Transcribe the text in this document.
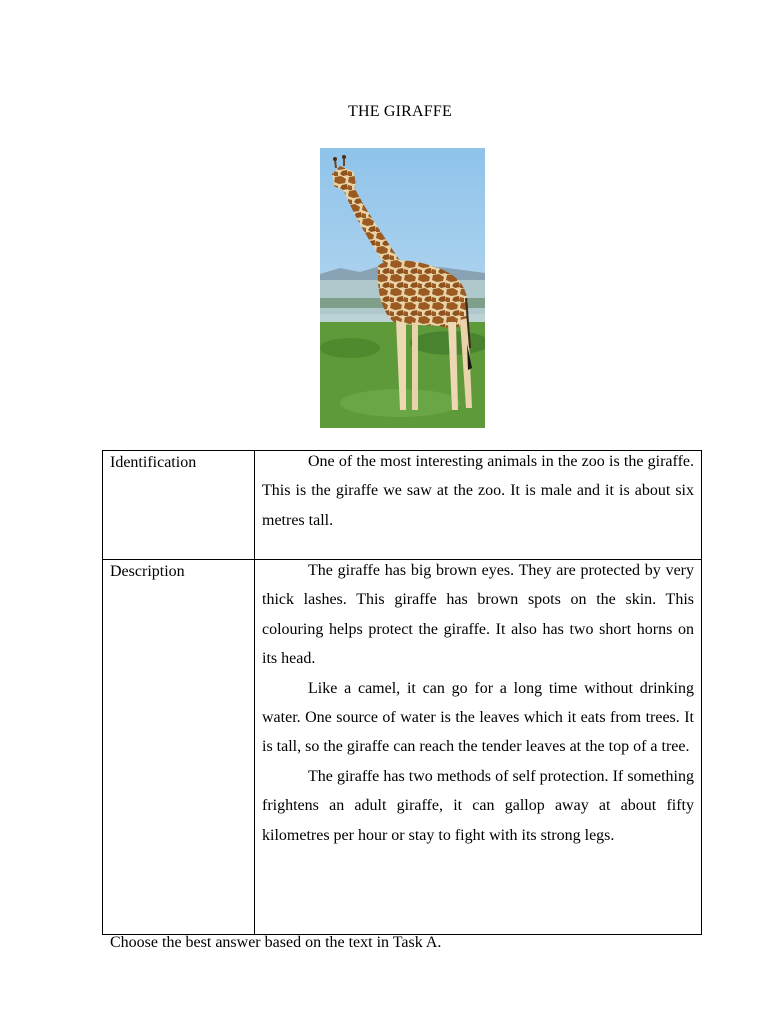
THE GIRAFFE
Identification	One of the most interesting animals in the zoo is the giraffe. This is the giraffe we saw at the zoo. It is male and it is about six metres tall.

Description	The giraffe has big brown eyes. They are protected by very thick lashes. This giraffe has brown spots on the skin. This colouring helps protect the giraffe. It also has two short horns on its head.

Like a camel, it can go for a long time without drinking water. One source of water is the leaves which it eats from trees. It is tall, so the giraffe can reach the tender leaves at the top of a tree.

The giraffe has two methods of self protection. If something frightens an adult giraffe, it can gallop away at about fifty kilometres per hour or stay to fight with its strong legs.

Choose the best answer based on the text in Task A.
